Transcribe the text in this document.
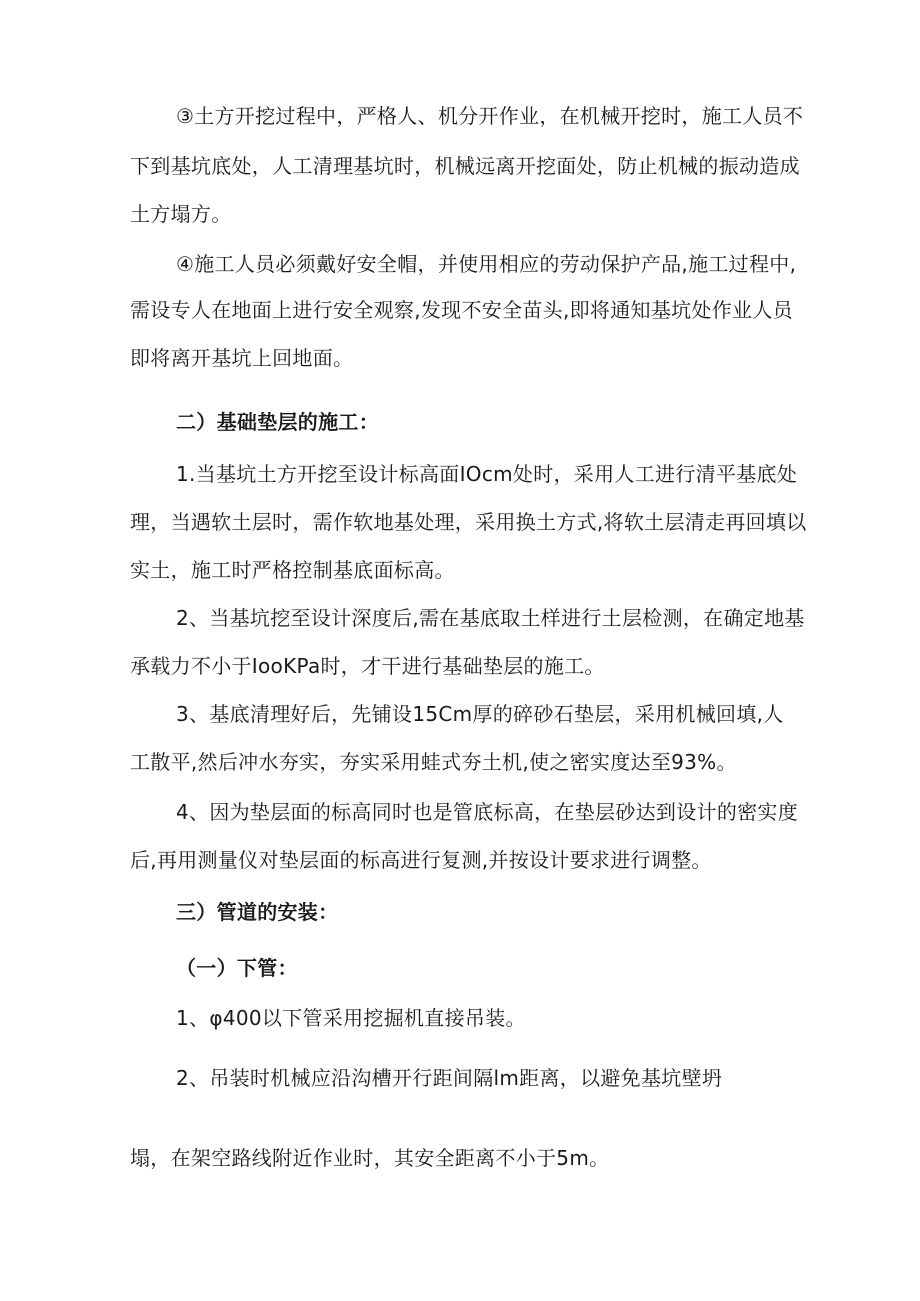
③土方开挖过程中，严格人、机分开作业，在机械开挖时，施工人员不
下到基坑底处，人工清理基坑时，机械远离开挖面处，防止机械的振动造成
土方塌方。
④施工人员必须戴好安全帽，并使用相应的劳动保护产品,施工过程中,
需设专人在地面上进行安全观察,发现不安全苗头,即将通知基坑处作业人员
即将离开基坑上回地面。
二）基础垫层的施工：
1.当基坑土方开挖至设计标高面IOcm处时，采用人工进行清平基底处
理，当遇软土层时，需作软地基处理，采用换土方式,将软土层清走再回填以
实土，施工时严格控制基底面标高。
2、当基坑挖至设计深度后,需在基底取土样进行土层检测，在确定地基
承载力不小于IooKPa时，才干进行基础垫层的施工。
3、基底清理好后，先铺设15Cm厚的碎砂石垫层，采用机械回填,人
工散平,然后冲水夯实，夯实采用蛙式夯土机,使之密实度达至93%。
4、因为垫层面的标高同时也是管底标高，在垫层砂达到设计的密实度
后,再用测量仪对垫层面的标高进行复测,并按设计要求进行调整。
三）管道的安装：
（一）下管：
1、φ400以下管采用挖掘机直接吊装。
2、吊装时机械应沿沟槽开行距间隔lm距离，以避免基坑壁坍
塌，在架空路线附近作业时，其安全距离不小于5m。
